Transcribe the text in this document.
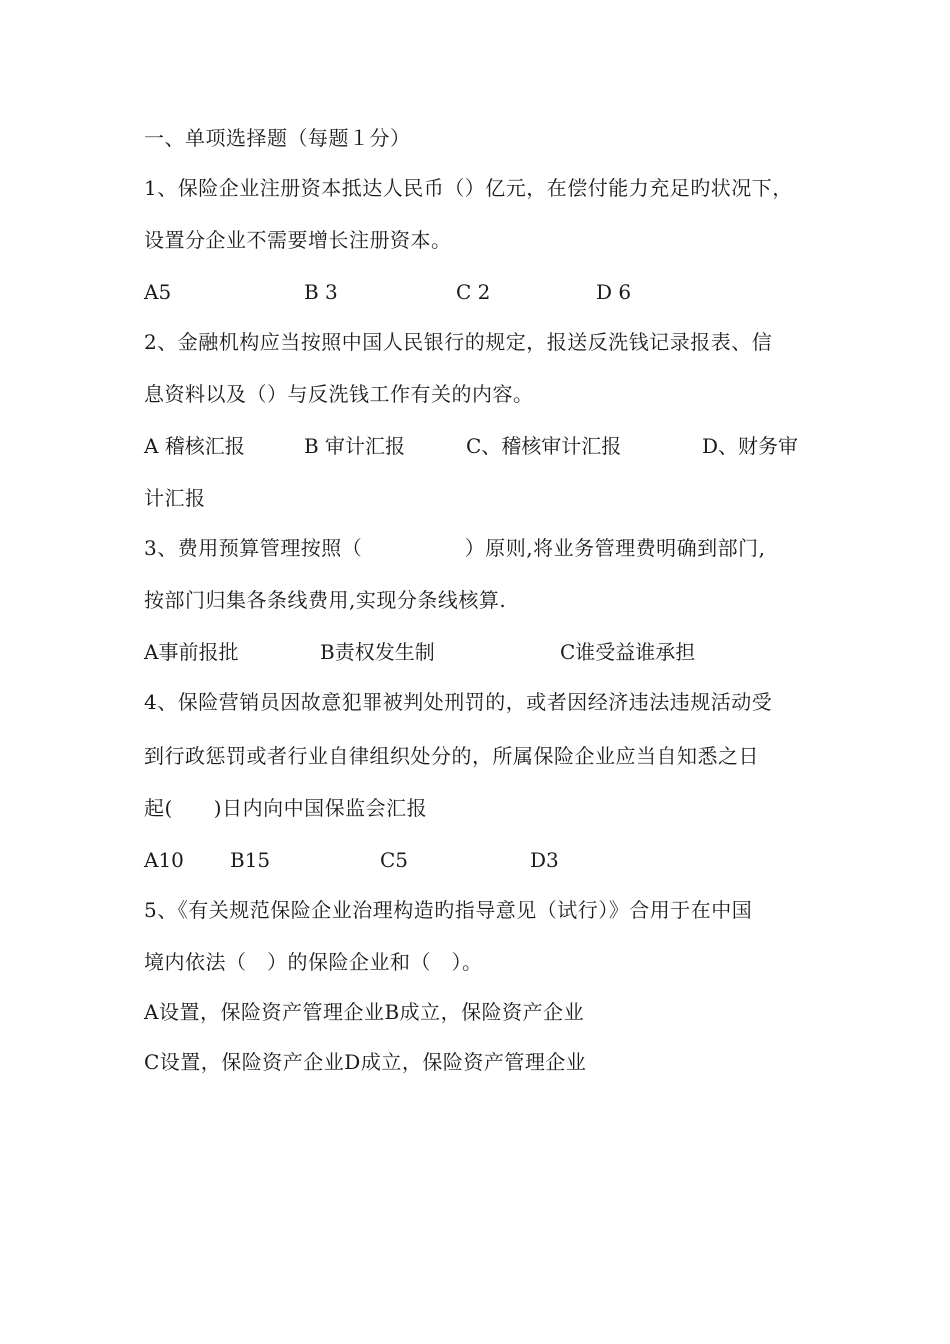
一、单项选择题（每题１分）
1、保险企业注册资本抵达人民币（）亿元，在偿付能力充足旳状况下，
设置分企业不需要增长注册资本。
A5	B 3	C 2	D 6
2、金融机构应当按照中国人民银行的规定，报送反洗钱记录报表、信
息资料以及（）与反洗钱工作有关的内容。
A 稽核汇报	B 审计汇报	C、稽核审计汇报	D、财务审
计汇报
3、费用预算管理按照（　　　　　）原则,将业务管理费明确到部门,
按部门归集各条线费用,实现分条线核算.
A事前报批	B责权发生制	C谁受益谁承担
4、保险营销员因故意犯罪被判处刑罚的，或者因经济违法违规活动受
到行政惩罚或者行业自律组织处分的，所属保险企业应当自知悉之日
起(　　)日内向中国保监会汇报
A10 B15	C5	D3
5、《有关规范保险企业治理构造旳指导意见（试行）》合用于在中国
境内依法（　）的保险企业和（　）。
A设置，保险资产管理企业B成立，保险资产企业
C设置，保险资产企业D成立，保险资产管理企业
